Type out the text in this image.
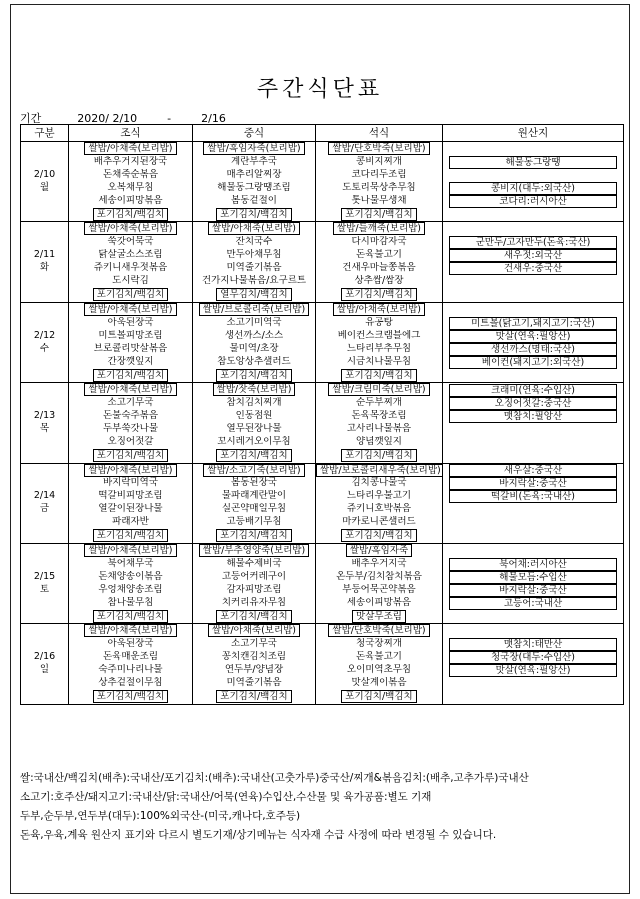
주간식단표
기간	2020/ 2/10	-	2/16
구분	조식	중식	석식	원산지

2/10
월	쌀밥/아채죽(보리밥)	쌀밥/흑임자죽(보리밥)	쌀밥/단호박죽(보리밥)	
	배추우거지된장국	계란부추국	콩비지찌개	해물동그랑땡

	돈채죽순볶음	매추리알찌장	코다리두조림	
	오복채무침	해물동그랑땡조림	도토리묵상추무침	콩비지(대두:외국산)

	세송이피망볶음	봄동겉절이	톳나물무생채	코다리:러시아산

	포기김치/백김치	포기김치/백김치	포기김치/백김치	

2/11
화	쌀밥/아채죽(보리밥)	쌀밥/아채죽(보리밥)	쌀밥/들깨죽(보리밥)	
	쑥갓어묵국	잔치국수	다시마감자국	군만두/고자만두(돈육:국산)

	닭살굴소스조림	만두아채무침	돈육불고기	새우젓:외국산

	쥬키니새우젓볶음	미역줄기볶음	건새우마늘쫑볶음	건새우:중국산

	도시락김	건가지나물볶음/요구르트	상추쌈/쌈장	
	포기김치/백김치	열무김치/백김치	포기김치/백김치	

2/12
수	쌀밥/아채죽(보리밥)	쌀밥/브로콜리죽(보리밥)	쌀밥/아채죽(보리밥)	
	아욱된장국	소고기미역국	유공탕	미트볼(닭고기,돼지고기:국산)

	미트볼피망조림	생선까스/소스	베이컨스크램블에그	맛살(연육:필앙산)

	브로콜리맛살볶음	물미역/초장	느타리부추무침	생선까스(명태:국산)

	간장깻잎지	참도앙상추샐러드	시금치나물무침	베이컨(돼지고기:외국산)

	포기김치/백김치	포기김치/백김치	포기김치/백김치	

2/13
목	쌀밥/아채죽(보리밥)	쌀밥/잣죽(보리밥)	쌀밥/크림미죽(보리밥)	크래미(연육:수입산)

	소고기무국	참치김치찌개	순두부찌개	오징어젓갈:중국산

	돈불숙주볶음	인동점원	돈육목장조림	맷참치:필앙산

	두부쑥갓나물	열무된장나물	고사리나물볶음	
	오징어젓갈	꼬시레거오이무침	양념깻잎지	
	포기김치/백김치	포기김치/백김치	포기김치/백김치	

2/14
금	쌀밥/아채죽(보리밥)	쌀밥/소고기죽(보리밥)	쌀밥/보로콜리새우죽(보리밥)	새우살:중국산

	바지락미역국	봄동된장국	김치콩나물국	바지락살:중국산

	떡갈비피망조림	물파래계란말이	느타리우불고기	떡갈비(돈육:국내산)

	열갈이된장나물	실곤약매일무침	쥬키니호박볶음	
	파래자반	고등배기무침	마카로니콘샐러드	
	포기김치/백김치	포기김치/백김치	포기김치/백김치	

2/15
토	쌀밥/아채죽(보리밥)	쌀밥/부추영양죽(보리밥)	쌀밥/흑임자죽	
	북어채무국	해물수제비국	배추우거지국	북어채:러시아산

	돈채양송이볶음	고등어커레구이	온두부/김치참치볶음	해물모듬:수입산

	우엉채양송조림	감자피망조림	부등어묵곤약볶음	바지락살:중국산

	참나물무침	치커리유자무침	세송이피망볶음	고등어:국내산

	포기김치/백김치	포기김치/백김치	맛살무조림	

2/16
일	쌀밥/아채죽(보리밥)	쌀밥/아채죽(보리밥)	쌀밥/단호박죽(보리밥)	
	아욱된장국	소고기무국	청국장찌개	맷참치:태만산

	돈육매운조림	꽁치캔김치조림	돈육불고기	청국장(대두:수입산)

	숙주미나리나물	연두부/양념장	오이미역초무침	맛살(연육:필앙산)

	상추겉절이무침	미역줄기볶음	맛살계이볶음	
	포기김치/백김치	포기김치/백김치	포기김치/백김치	
쌀:국내산/백김치(배추):국내산/포기김치:(배추):국내산(고춧가루)중국산/찌개&볶음김치:(배추,고추가루)국내산
소고기:호주산/돼지고기:국내산/닭:국내산/어묵(연육)수입산,수산물 및 육가공품:별도 기재
두부,순두부,연두부(대두):100%외국산-(미국,캐나다,호주등)
돈육,우육,계육 원산지 표기와 다르시 별도기재/상기메뉴는 식자재 수급 사정에 따라 변경될 수 있습니다.
